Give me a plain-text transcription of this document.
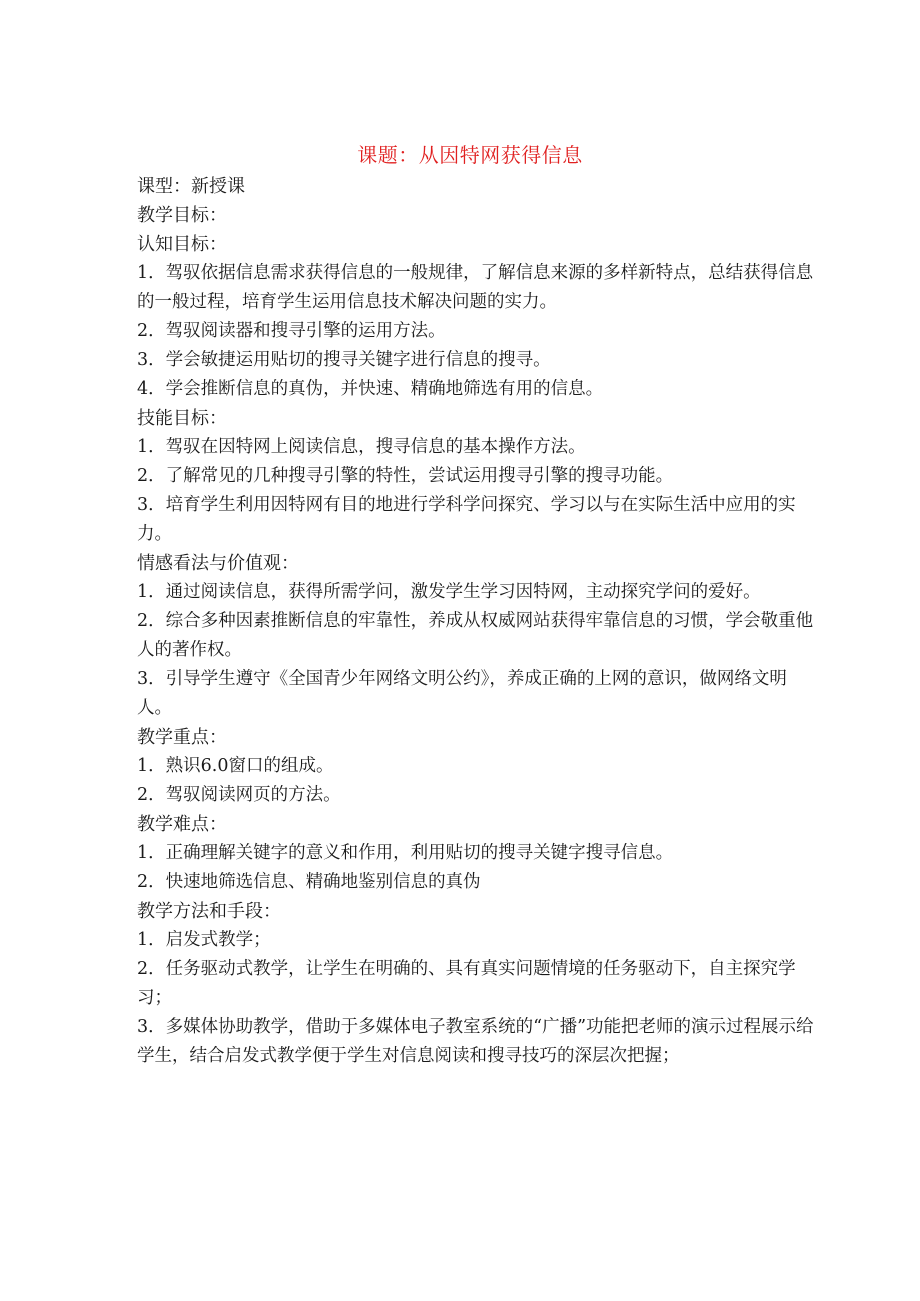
课题：从因特网获得信息

课型：新授课

教学目标：

认知目标：

1．驾驭依据信息需求获得信息的一般规律，了解信息来源的多样新特点，总结获得信息的一般过程，培育学生运用信息技术解决问题的实力。

2．驾驭阅读器和搜寻引擎的运用方法。

3．学会敏捷运用贴切的搜寻关键字进行信息的搜寻。

4．学会推断信息的真伪，并快速、精确地筛选有用的信息。

技能目标：

1．驾驭在因特网上阅读信息，搜寻信息的基本操作方法。

2．了解常见的几种搜寻引擎的特性，尝试运用搜寻引擎的搜寻功能。

3．培育学生利用因特网有目的地进行学科学问探究、学习以与在实际生活中应用的实力。

情感看法与价值观：

1．通过阅读信息，获得所需学问，激发学生学习因特网，主动探究学问的爱好。

2．综合多种因素推断信息的牢靠性，养成从权威网站获得牢靠信息的习惯，学会敬重他人的著作权。

3．引导学生遵守《全国青少年网络文明公约》，养成正确的上网的意识，做网络文明人。

教学重点：

1．熟识6.0窗口的组成。

2．驾驭阅读网页的方法。

教学难点：

1．正确理解关键字的意义和作用，利用贴切的搜寻关键字搜寻信息。

2．快速地筛选信息、精确地鉴别信息的真伪

教学方法和手段：

1．启发式教学；

2．任务驱动式教学，让学生在明确的、具有真实问题情境的任务驱动下，自主探究学习；

3．多媒体协助教学，借助于多媒体电子教室系统的“广播”功能把老师的演示过程展示给学生，结合启发式教学便于学生对信息阅读和搜寻技巧的深层次把握；
